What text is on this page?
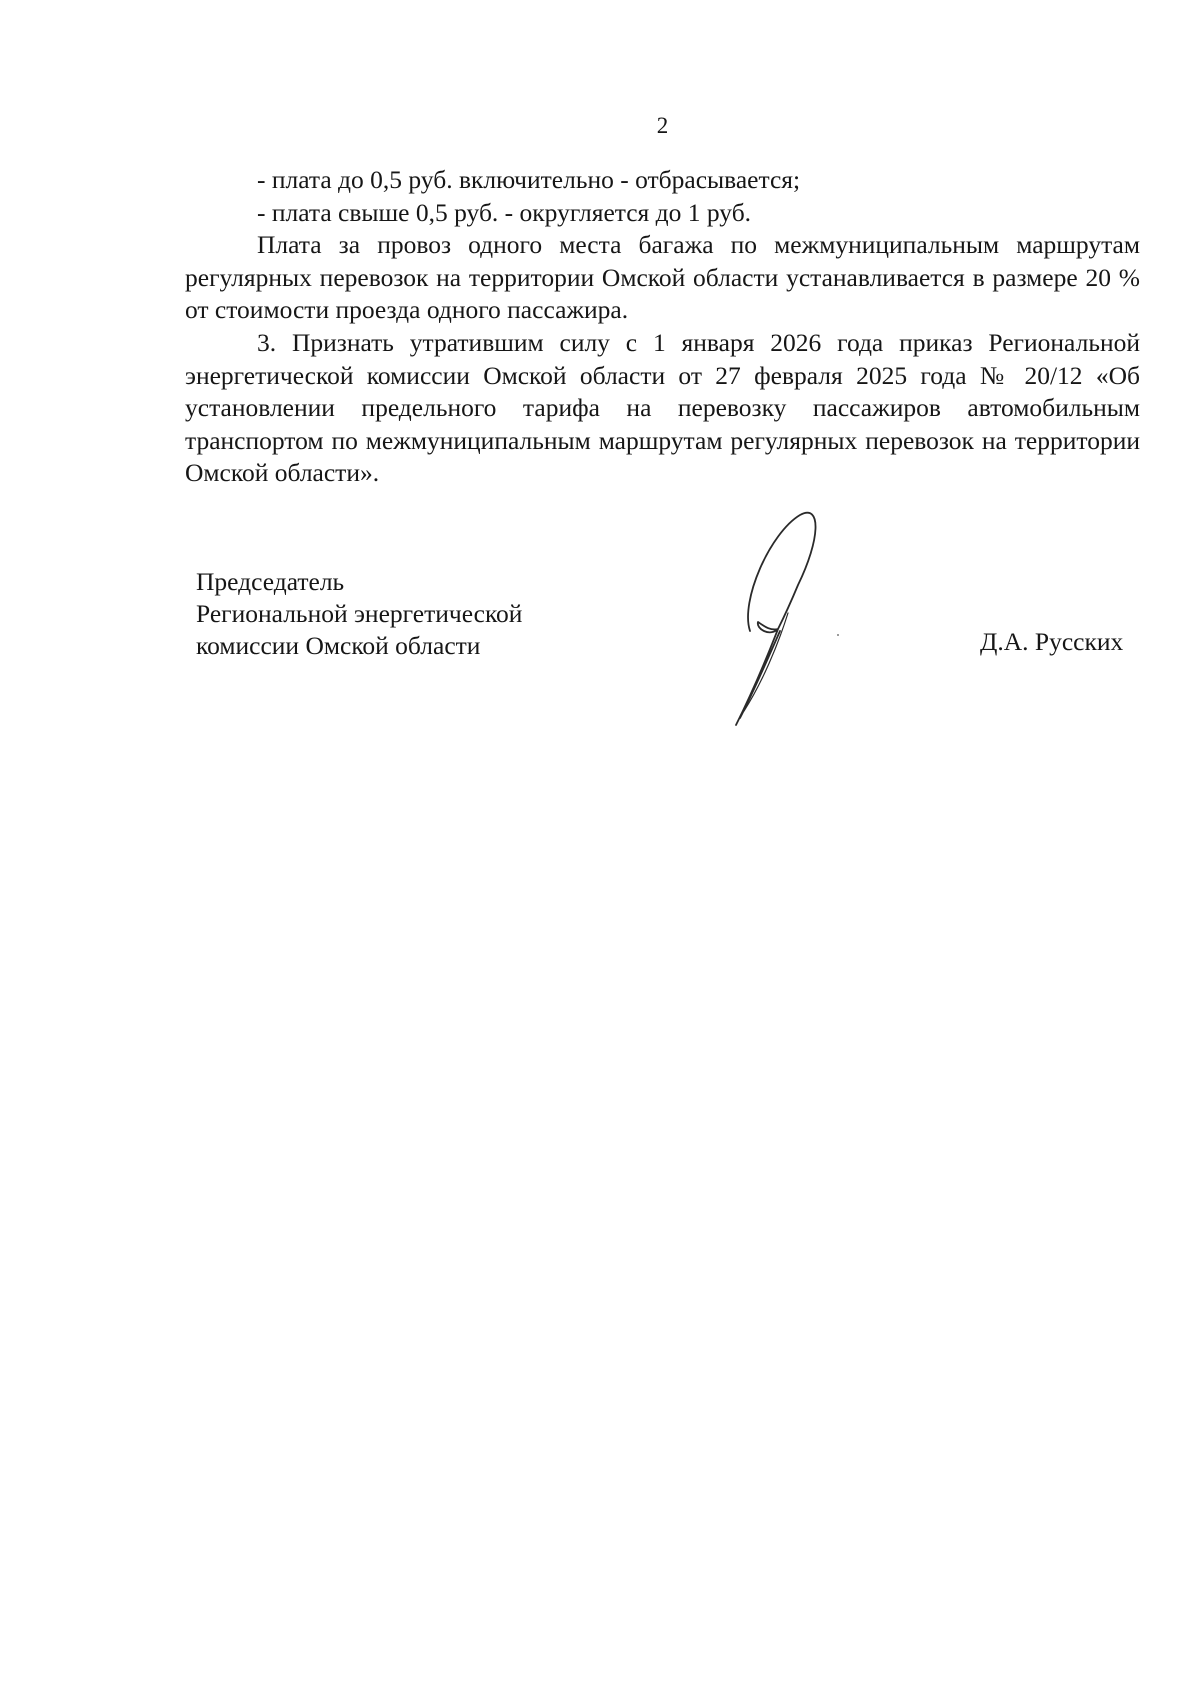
2

- плата до 0,5 руб. включительно - отбрасывается;

- плата свыше 0,5 руб. - округляется до 1 руб.

Плата за провоз одного места багажа по межмуниципальным маршрутам регулярных перевозок на территории Омской области устанавливается в размере 20 % от стоимости проезда одного пассажира.

3. Признать утратившим силу с 1 января 2026 года приказ Региональной энергетической комиссии Омской области от 27 февраля 2025 года № 20/12 «Об установлении предельного тарифа на перевозку пассажиров автомобильным транспортом по межмуниципальным маршрутам регулярных перевозок на территории Омской области».

Председатель
Региональной энергетической
комиссии Омской области	Д.А. Русских
